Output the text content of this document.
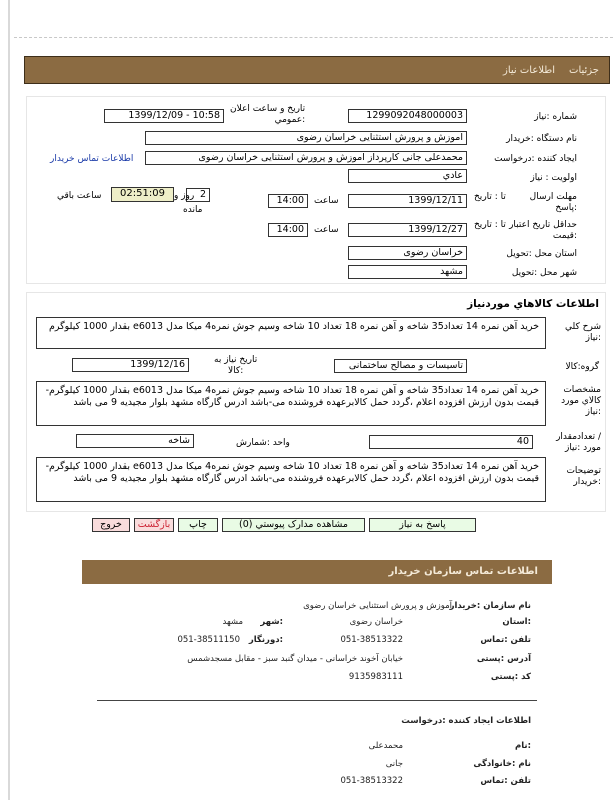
جزئیات
اطلاعات نیاز
شماره :نیاز
1299092048000003
تاریخ و ساعت اعلان
:عمومي
1399/12/09 - 10:58
نام دستگاه :خریدار
آموزش و پرورش استثنایی خراسان رضوی
ایجاد کننده :درخواست
محمدعلی جانی کارپرداز آموزش و پرورش استثنایی خراسان رضوی
اطلاعات تماس خریدار
اولویت : نیاز
عادي
مهلت ارسال
:پاسخ
تا : تاریخ
1399/12/11
ساعت
14:00
2
روز و
مانده
02:51:09
ساعت باقي
حداقل تاریخ اعتبار
:قیمت
تا : تاریخ
1399/12/27
ساعت
14:00
استان محل :تحویل
خراسان رضوی
شهر محل :تحویل
مشهد
اطلاعات کالاهاي موردنیاز
شرح کلي
:نیاز
خرید آهن نمره 14 تعداد35 شاخه و آهن نمره 18 تعداد 10 شاخه وسیم جوش نمره4 میکا مدل e6013 بقدار 1000 کیلوگرم
گروه:کالا
تاسیسات و مصالح ساختمانی
تاریخ نیاز به
:کالا
1399/12/16
مشخصات
کالاي مورد
:نیاز
خرید آهن نمره 14 تعداد35 شاخه و آهن نمره 18 تعداد 10 شاخه وسیم جوش نمره4 میکا مدل e6013 بقدار 1000 کیلوگرم- قیمت بدون ارزش افزوده اعلام ،گردد حمل کالابرعهده فروشنده می-باشد ادرس گارگاه مشهد بلوار مجیدیه 9 می باشد
/ تعدادمقدار
مورد :نیاز
40
واحد :شمارش
شاخه
توضیحات
:خریدار
خرید آهن نمره 14 تعداد35 شاخه و آهن نمره 18 تعداد 10 شاخه وسیم جوش نمره4 میکا مدل e6013 بقدار 1000 کیلوگرم- قیمت بدون ارزش افزوده اعلام ،گردد حمل کالابرعهده فروشنده می-باشد ادرس گارگاه مشهد بلوار مجیدیه 9 می باشد
پاسخ به نیاز
مشاهده مدارک پیوستي (0)
چاپ
بازگشت
خروج
اطلاعات تماس سازمان خریدار
نام سازمان :خریدار
آموزش و پرورش استثنایی خراسان رضوی
:استان
خراسان رضوی
:شهر
مشهد
تلفن :تماس
051-38513322
:دورنگار
051-38511150
آدرس :پستی
خیابان آخوند خراسانی - میدان گنبد سبز - مقابل مسجدشمس
کد :پستی
9135983111
اطلاعات ایجاد کننده :درخواست
:نام
محمدعلی
نام :خانوادگی
جانی
تلفن :تماس
051-38513322
